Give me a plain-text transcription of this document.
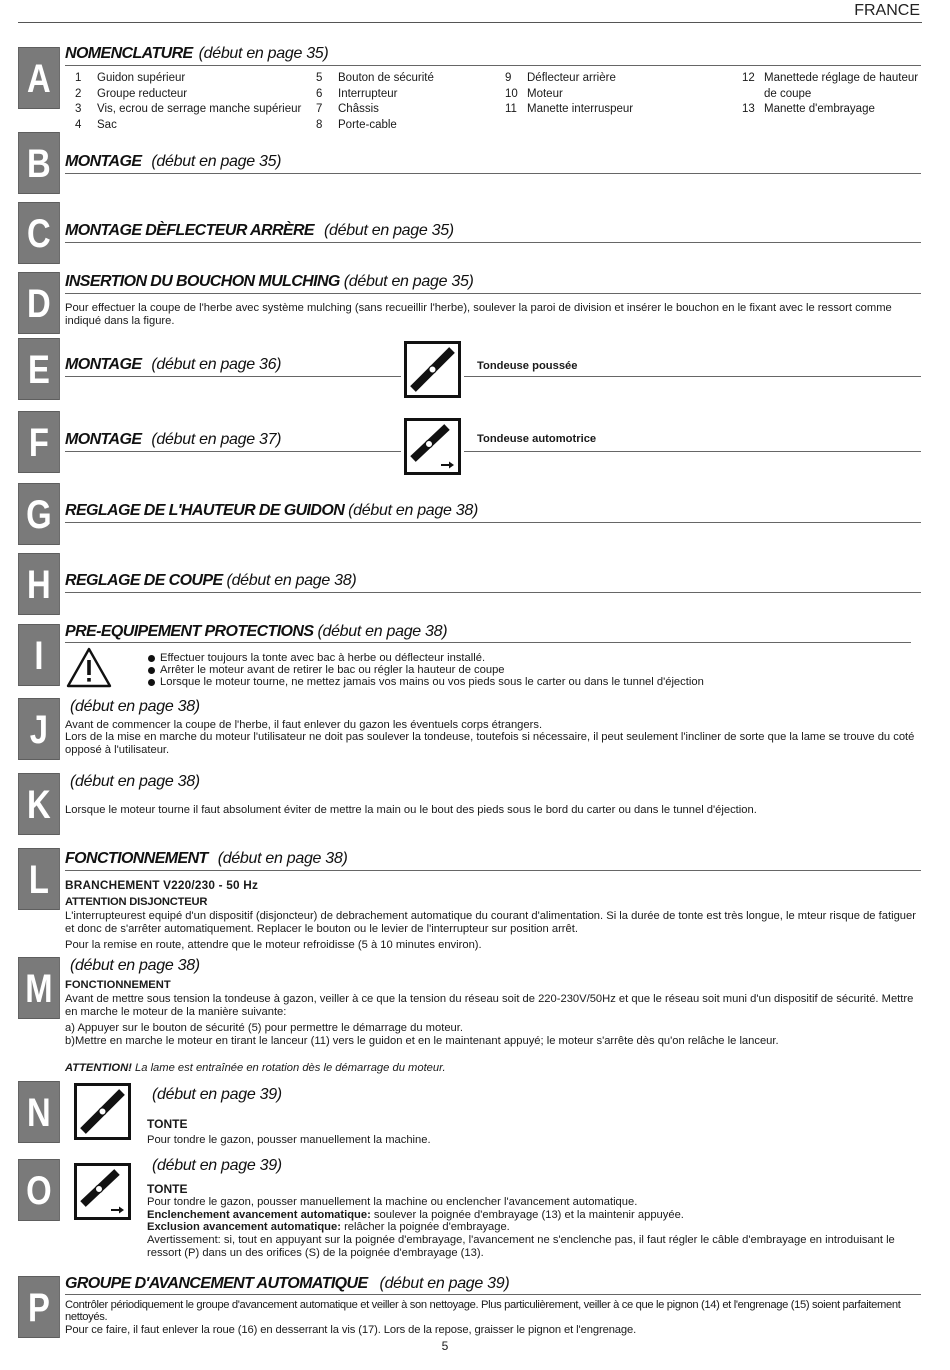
FRANCE
A
B
C
D
E
F
G
H
I
J
K
L
M
N
O
P
NOMENCLATURE (début en page 35)
1 Guidon supérieur
2 Groupe reducteur
3 Vis, ecrou de serrage manche supérieur
4 Sac
5 Bouton de sécurité
6 Interrupteur
7 Châssis
8 Porte-cable
9 Déflecteur arrière
10 Moteur
11 Manette interruspeur
12 Manettede réglage de hauteur
de coupe
13 Manette d'embrayage
MONTAGE (début en page 35)
MONTAGE DÈFLECTEUR ARRÈRE (début en page 35)
INSERTION DU BOUCHON MULCHING (début en page 35)
Pour effectuer la coupe de l'herbe avec système mulching (sans recueillir l'herbe), soulever la paroi de division et insérer le bouchon en le fixant avec le ressort comme indiqué dans la figure.
MONTAGE (début en page 36)	Tondeuse poussée
MONTAGE (début en page 37)	Tondeuse automotrice
REGLAGE DE L'HAUTEUR DE GUIDON (début en page 38)
REGLAGE DE COUPE (début en page 38)
PRE-EQUIPEMENT PROTECTIONS (début en page 38)
Effectuer toujours la tonte avec bac à herbe ou déflecteur installé.
Arrêter le moteur avant de retirer le bac ou régler la hauteur de coupe
Lorsque le moteur tourne, ne mettez jamais vos mains ou vos pieds sous le carter ou dans le tunnel d'éjection
(début en page 38)
Avant de commencer la coupe de l'herbe, il faut enlever du gazon les éventuels corps étrangers.
Lors de la mise en marche du moteur l'utilisateur ne doit pas soulever la tondeuse, toutefois si nécessaire, il peut seulement l'incliner de sorte que la lame se trouve du coté opposé à l'utilisateur.
(début en page 38)
Lorsque le moteur tourne il faut absolument éviter de mettre la main ou le bout des pieds sous le bord du carter ou dans le tunnel d'éjection.
FONCTIONNEMENT (début en page 38)
BRANCHEMENT V220/230 - 50 Hz
ATTENTION DISJONCTEUR
L'interrupteurest equipé d'un dispositif (disjoncteur) de debrachement automatique du courant d'alimentation. Si la durée de tonte est très longue, le mteur risque de fatiguer et donc de s'arrêter automatiquement. Replacer le bouton ou le levier de l'interrupteur sur position arrêt.
Pour la remise en route, attendre que le moteur refroidisse (5 à 10 minutes environ).
(début en page 38)
FONCTIONNEMENT
Avant de mettre sous tension la tondeuse à gazon, veiller à ce que la tension du réseau soit de 220-230V/50Hz et que le réseau soit muni d'un dispositif de sécurité. Mettre en marche le moteur de la manière suivante:
a) Appuyer sur le bouton de sécurité (5) pour permettre le démarrage du moteur.
b)Mettre en marche le moteur en tirant le lanceur (11) vers le guidon et en le maintenant appuyé; le moteur s'arrête dès qu'on relâche le lanceur.
ATTENTION! La lame est entraînée en rotation dès le démarrage du moteur.
(début en page 39)
TONTE
Pour tondre le gazon, pousser manuellement la machine.
(début en page 39)
TONTE
Pour tondre le gazon, pousser manuellement la machine ou enclencher l'avancement automatique.
Enclenchement avancement automatique: soulever la poignée d'embrayage (13) et la maintenir appuyée.
Exclusion avancement automatique: relâcher la poignée d'embrayage.
Avertissement: si, tout en appuyant sur la poignée d'embrayage, l'avancement ne s'enclenche pas, il faut régler le câble d'embrayage en introduisant le ressort (P) dans un des orifices (S) de la poignée d'embrayage (13).
GROUPE D'AVANCEMENT AUTOMATIQUE (début en page 39)
Contrôler périodiquement le groupe d'avancement automatique et veiller à son nettoyage. Plus particulièrement, veiller à ce que le pignon (14) et l'engrenage (15) soient parfaitement nettoyés.
Pour ce faire, il faut enlever la roue (16) en desserrant la vis (17). Lors de la repose, graisser le pignon et l'engrenage.
5
